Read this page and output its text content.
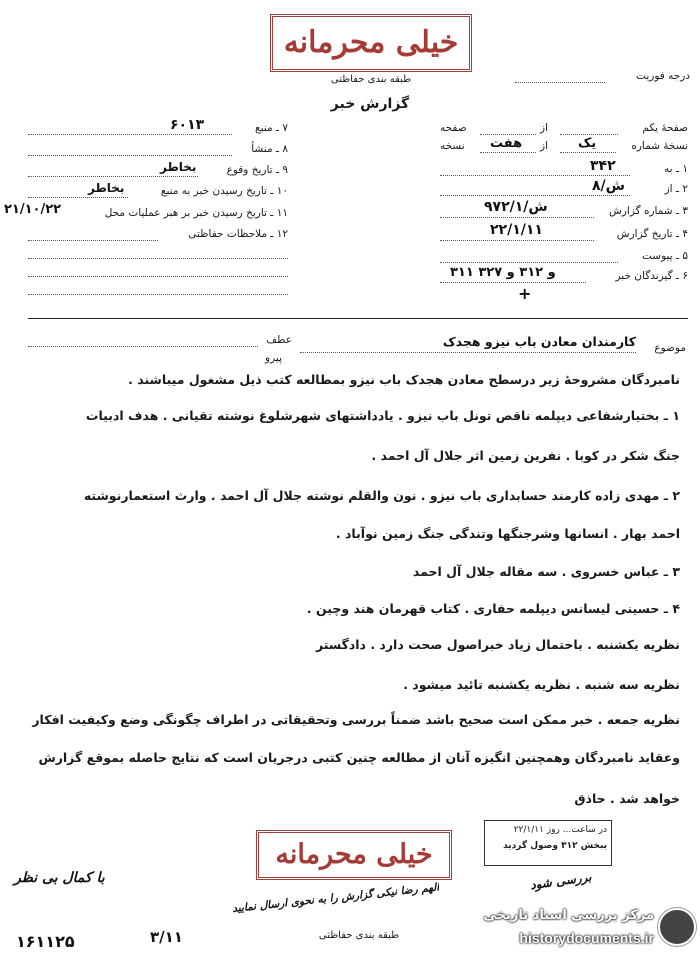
خیلی محرمانه
طبقه بندی حفاظتی
گزارش خبر
درجه فوریت
صفحهٔ یکم
از
صفحه
نسخهٔ شماره
یک
از
هفت
نسخه
۱ ـ به
۳۴۲
۲ ـ از
۸/ش
۳ ـ شماره گزارش
۹۷۲/۱/ش
۴ ـ تاریخ گزارش
۲۲/۱/۱۱
۵ ـ پیوست
۶ ـ گیرندگان خبر
۳۱۱ و ۳۱۲ و ۳۲۷
+
۷ ـ منبع
۶۰۱۳
۸ ـ منشأ
۹ ـ تاریخ وقوع
بخاطر
۱۰ ـ تاریخ رسیدن خبر به منبع
بخاطر
۱۱ ـ تاریخ رسیدن خبر بر هبر عملیات محل
۲۱/۱۰/۲۲
۱۲ ـ ملاحظات حفاظتی
موضوع
کارمندان معادن باب نیزو هجدک
عطف
پیرو
نامبردگان مشروحهٔ زیر درسطح معادن هجدک باب نیزو بمطالعه کتب ذیل مشغول میباشند .
۱ ـ بختیارشفاعی دیپلمه ناقص تونل باب نیزو . یادداشتهای شهرشلوغ نوشته تقیانی . هدف ادبیات
جنگ شکر در کوبا . نفرین زمین اثر جلال آل احمد .
۲ ـ مهدی زاده کارمند حسابداری باب نیزو . نون والقلم نوشته جلال آل احمد . وارث استعمارنوشته
احمد بهار . انسانها وشرجنگها وتندگی جنگ زمین نوآباد .
۳ ـ عباس خسروی . سه مقاله جلال آل احمد
۴ ـ حسینی لیسانس دیپلمه حفاری . کتاب قهرمان هند وچین .
نظریه یکشنبه . باحتمال زیاد خبراصول صحت دارد . دادگستر
نظریه سه شنبه . نظریه یکشنبه تائید میشود .
نظریه جمعه . خبر ممکن است صحیح باشد ضمناً بررسی وتحقیقاتی در اطراف چگونگی وضع وکیفیت افکار
وعقاید نامبردگان وهمچنین انگیزه آنان از مطالعه چنین کتبی درجریان است که نتایج حاصله بموقع گزارش
خواهد شد . حاذق
خیلی محرمانه
در ساعت... روز ۲۲/۱/۱۱
ببخش ۳۱۲ وصول گردید
با کمال بی نظر
۱۶۱۱۲۵	۳/۱۱
الهم رضا نیکی گزارش را به نحوی ارسال نمایید
بررسی شود
طبقه بندی حفاظتی
مرکز بررسی اسناد تاریخی
historydocuments.ir
